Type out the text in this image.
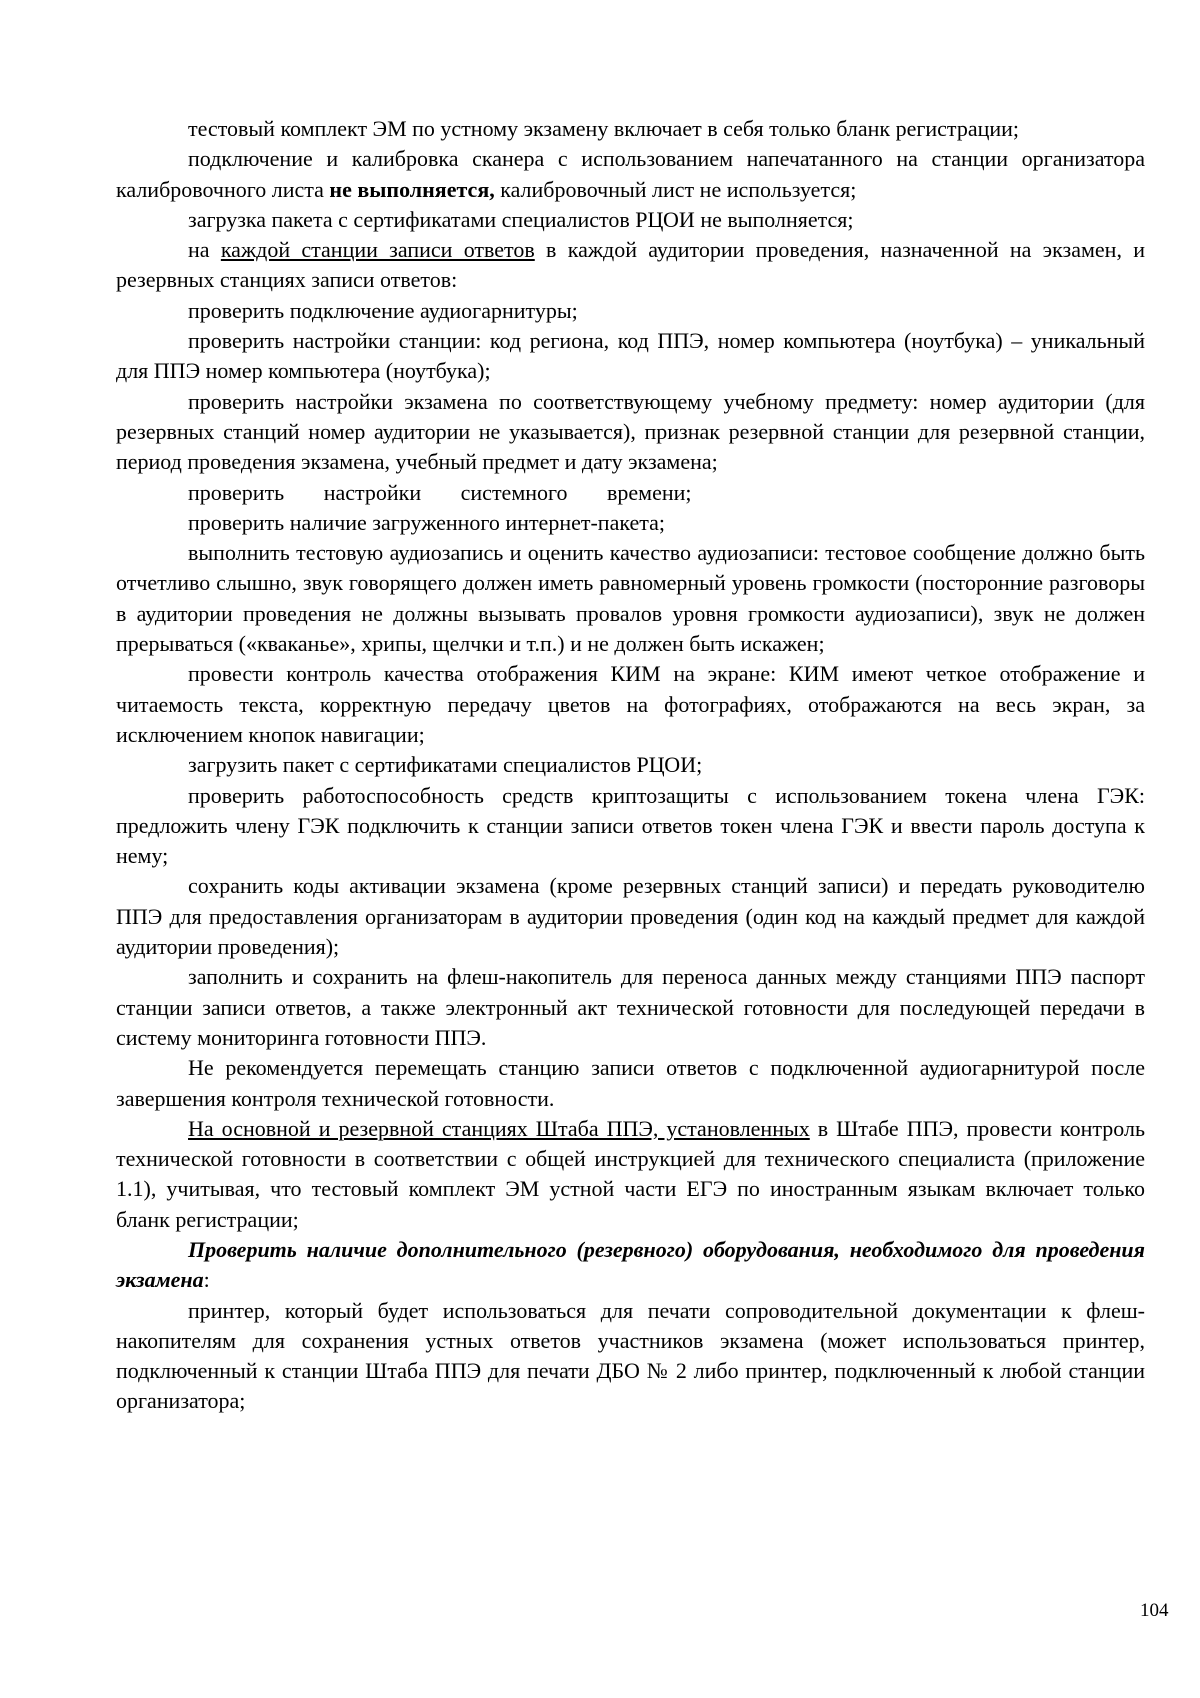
тестовый комплект ЭМ по устному экзамену включает в себя только бланк регистрации;

подключение и калибровка сканера с использованием напечатанного на станции организатора калибровочного листа не выполняется, калибровочный лист не используется;

загрузка пакета с сертификатами специалистов РЦОИ не выполняется;

на каждой станции записи ответов в каждой аудитории проведения, назначенной на экзамен, и резервных станциях записи ответов:

проверить подключение аудиогарнитуры;

проверить настройки станции: код региона, код ППЭ, номер компьютера (ноутбука) – уникальный для ППЭ номер компьютера (ноутбука);

проверить настройки экзамена по соответствующему учебному предмету: номер аудитории (для резервных станций номер аудитории не указывается), признак резервной станции для резервной станции, период проведения экзамена, учебный предмет и дату экзамена;

проверить настройки системного времени;

проверить наличие загруженного интернет-пакета;

выполнить тестовую аудиозапись и оценить качество аудиозаписи: тестовое сообщение должно быть отчетливо слышно, звук говорящего должен иметь равномерный уровень громкости (посторонние разговоры в аудитории проведения не должны вызывать провалов уровня громкости аудиозаписи), звук не должен прерываться («кваканье», хрипы, щелчки и т.п.) и не должен быть искажен;

провести контроль качества отображения КИМ на экране: КИМ имеют четкое отображение и читаемость текста, корректную передачу цветов на фотографиях, отображаются на весь экран, за исключением кнопок навигации;

загрузить пакет с сертификатами специалистов РЦОИ;

проверить работоспособность средств криптозащиты с использованием токена члена ГЭК: предложить члену ГЭК подключить к станции записи ответов токен члена ГЭК и ввести пароль доступа к нему;

сохранить коды активации экзамена (кроме резервных станций записи) и передать руководителю ППЭ для предоставления организаторам в аудитории проведения (один код на каждый предмет для каждой аудитории проведения);

заполнить и сохранить на флеш-накопитель для переноса данных между станциями ППЭ паспорт станции записи ответов, а также электронный акт технической готовности для последующей передачи в систему мониторинга готовности ППЭ.

Не рекомендуется перемещать станцию записи ответов с подключенной аудиогарнитурой после завершения контроля технической готовности.

На основной и резервной станциях Штаба ППЭ, установленных в Штабе ППЭ, провести контроль технической готовности в соответствии с общей инструкцией для технического специалиста (приложение 1.1), учитывая, что тестовый комплект ЭМ устной части ЕГЭ по иностранным языкам включает только бланк регистрации;

Проверить наличие дополнительного (резервного) оборудования, необходимого для проведения экзамена:

принтер, который будет использоваться для печати сопроводительной документации к флеш-накопителям для сохранения устных ответов участников экзамена (может использоваться принтер, подключенный к станции Штаба ППЭ для печати ДБО № 2 либо принтер, подключенный к любой станции организатора;

104
